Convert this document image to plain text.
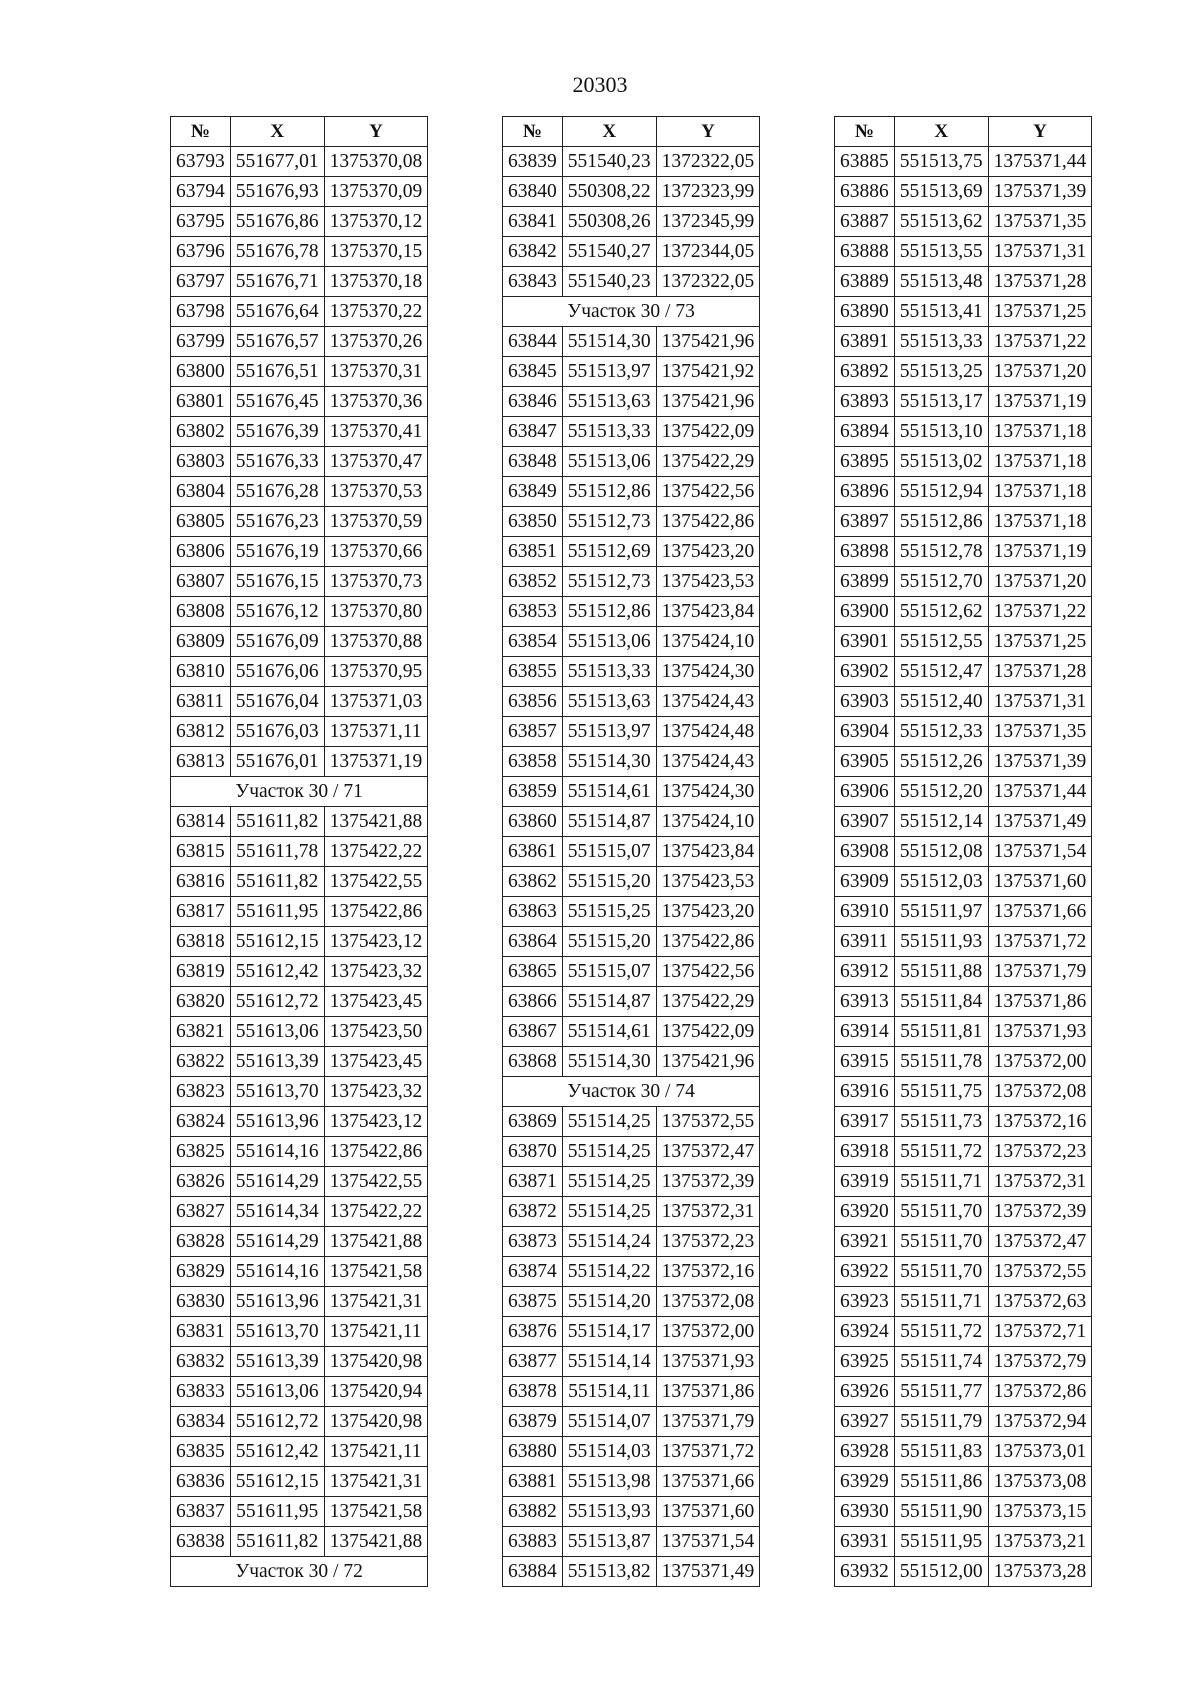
20303
№	X	Y
63793	551677,01	1375370,08
63794	551676,93	1375370,09
63795	551676,86	1375370,12
63796	551676,78	1375370,15
63797	551676,71	1375370,18
63798	551676,64	1375370,22
63799	551676,57	1375370,26
63800	551676,51	1375370,31
63801	551676,45	1375370,36
63802	551676,39	1375370,41
63803	551676,33	1375370,47
63804	551676,28	1375370,53
63805	551676,23	1375370,59
63806	551676,19	1375370,66
63807	551676,15	1375370,73
63808	551676,12	1375370,80
63809	551676,09	1375370,88
63810	551676,06	1375370,95
63811	551676,04	1375371,03
63812	551676,03	1375371,11
63813	551676,01	1375371,19
Участок 30 / 71		
63814	551611,82	1375421,88
63815	551611,78	1375422,22
63816	551611,82	1375422,55
63817	551611,95	1375422,86
63818	551612,15	1375423,12
63819	551612,42	1375423,32
63820	551612,72	1375423,45
63821	551613,06	1375423,50
63822	551613,39	1375423,45
63823	551613,70	1375423,32
63824	551613,96	1375423,12
63825	551614,16	1375422,86
63826	551614,29	1375422,55
63827	551614,34	1375422,22
63828	551614,29	1375421,88
63829	551614,16	1375421,58
63830	551613,96	1375421,31
63831	551613,70	1375421,11
63832	551613,39	1375420,98
63833	551613,06	1375420,94
63834	551612,72	1375420,98
63835	551612,42	1375421,11
63836	551612,15	1375421,31
63837	551611,95	1375421,58
63838	551611,82	1375421,88
Участок 30 / 72		
№	X	Y
63839	551540,23	1372322,05
63840	550308,22	1372323,99
63841	550308,26	1372345,99
63842	551540,27	1372344,05
63843	551540,23	1372322,05
Участок 30 / 73		
63844	551514,30	1375421,96
63845	551513,97	1375421,92
63846	551513,63	1375421,96
63847	551513,33	1375422,09
63848	551513,06	1375422,29
63849	551512,86	1375422,56
63850	551512,73	1375422,86
63851	551512,69	1375423,20
63852	551512,73	1375423,53
63853	551512,86	1375423,84
63854	551513,06	1375424,10
63855	551513,33	1375424,30
63856	551513,63	1375424,43
63857	551513,97	1375424,48
63858	551514,30	1375424,43
63859	551514,61	1375424,30
63860	551514,87	1375424,10
63861	551515,07	1375423,84
63862	551515,20	1375423,53
63863	551515,25	1375423,20
63864	551515,20	1375422,86
63865	551515,07	1375422,56
63866	551514,87	1375422,29
63867	551514,61	1375422,09
63868	551514,30	1375421,96
Участок 30 / 74		
63869	551514,25	1375372,55
63870	551514,25	1375372,47
63871	551514,25	1375372,39
63872	551514,25	1375372,31
63873	551514,24	1375372,23
63874	551514,22	1375372,16
63875	551514,20	1375372,08
63876	551514,17	1375372,00
63877	551514,14	1375371,93
63878	551514,11	1375371,86
63879	551514,07	1375371,79
63880	551514,03	1375371,72
63881	551513,98	1375371,66
63882	551513,93	1375371,60
63883	551513,87	1375371,54
63884	551513,82	1375371,49
№	X	Y
63885	551513,75	1375371,44
63886	551513,69	1375371,39
63887	551513,62	1375371,35
63888	551513,55	1375371,31
63889	551513,48	1375371,28
63890	551513,41	1375371,25
63891	551513,33	1375371,22
63892	551513,25	1375371,20
63893	551513,17	1375371,19
63894	551513,10	1375371,18
63895	551513,02	1375371,18
63896	551512,94	1375371,18
63897	551512,86	1375371,18
63898	551512,78	1375371,19
63899	551512,70	1375371,20
63900	551512,62	1375371,22
63901	551512,55	1375371,25
63902	551512,47	1375371,28
63903	551512,40	1375371,31
63904	551512,33	1375371,35
63905	551512,26	1375371,39
63906	551512,20	1375371,44
63907	551512,14	1375371,49
63908	551512,08	1375371,54
63909	551512,03	1375371,60
63910	551511,97	1375371,66
63911	551511,93	1375371,72
63912	551511,88	1375371,79
63913	551511,84	1375371,86
63914	551511,81	1375371,93
63915	551511,78	1375372,00
63916	551511,75	1375372,08
63917	551511,73	1375372,16
63918	551511,72	1375372,23
63919	551511,71	1375372,31
63920	551511,70	1375372,39
63921	551511,70	1375372,47
63922	551511,70	1375372,55
63923	551511,71	1375372,63
63924	551511,72	1375372,71
63925	551511,74	1375372,79
63926	551511,77	1375372,86
63927	551511,79	1375372,94
63928	551511,83	1375373,01
63929	551511,86	1375373,08
63930	551511,90	1375373,15
63931	551511,95	1375373,21
63932	551512,00	1375373,28
